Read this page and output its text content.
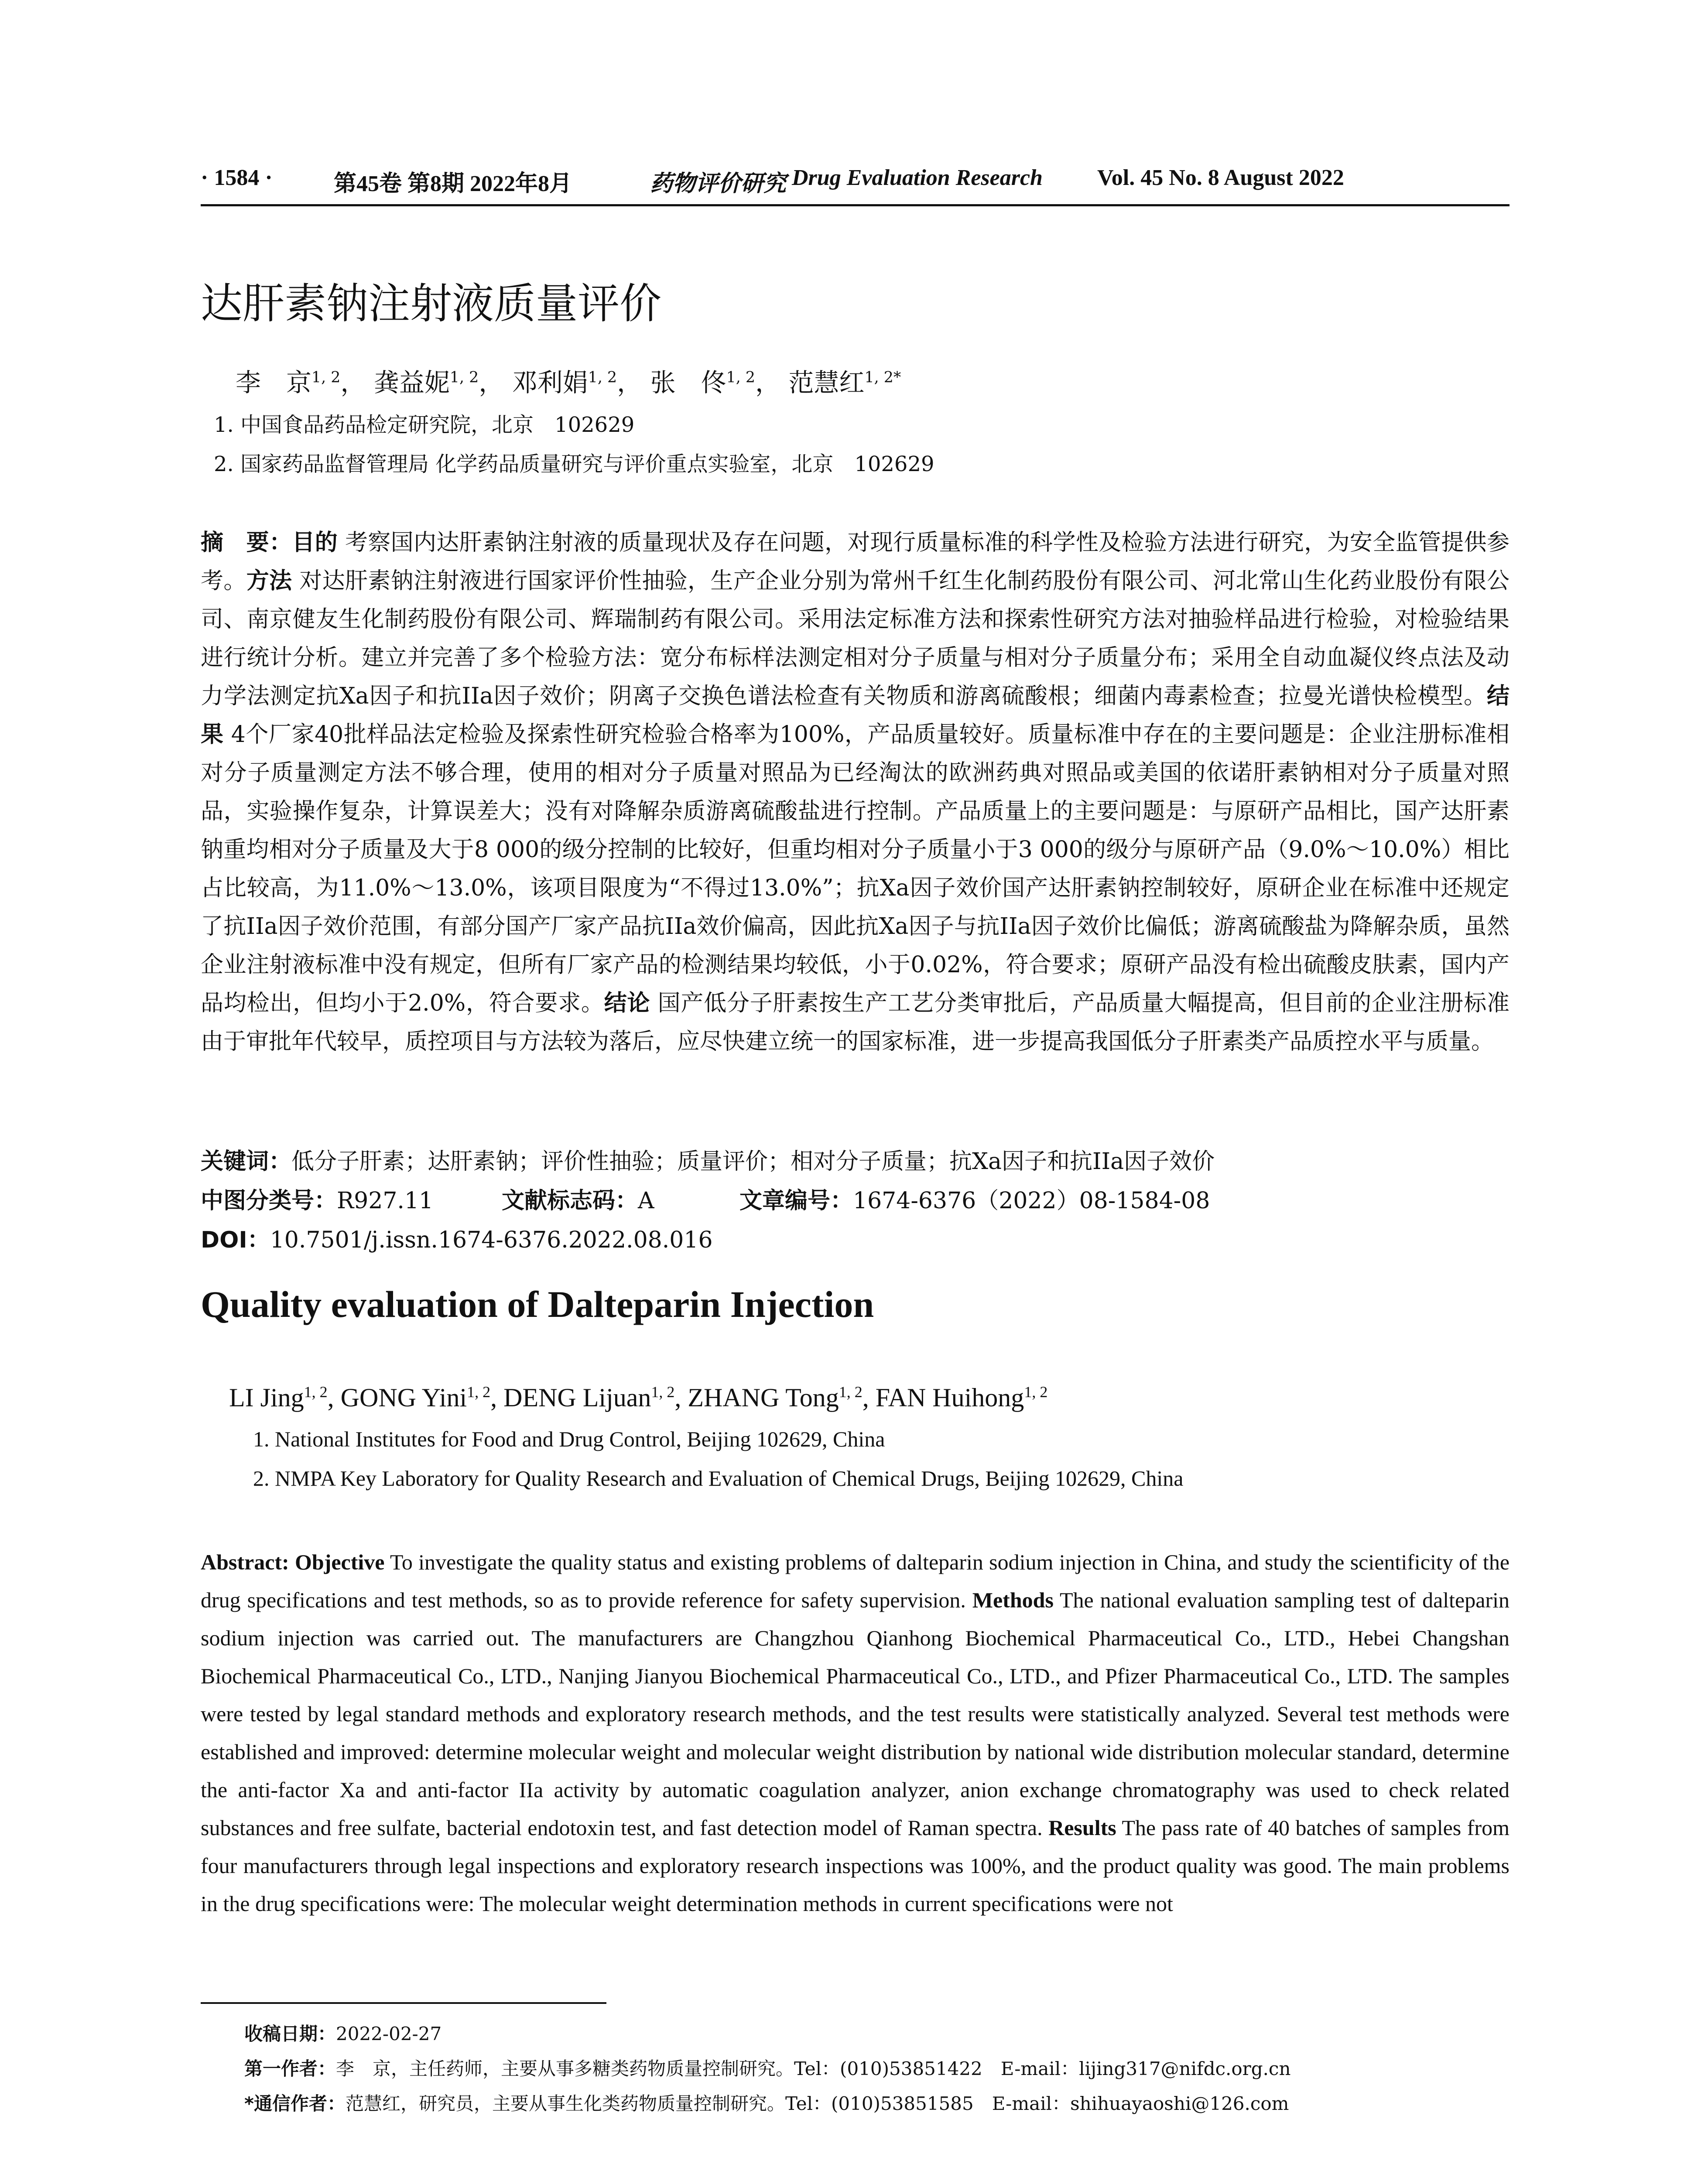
· 1584 ·	第45卷 第8期 2022年8月	药物评价研究 Drug Evaluation Research Vol. 45 No. 8 August 2022
达肝素钠注射液质量评价
李　京$^{1, 2}$， 龚益妮$^{1, 2}$， 邓利娟$^{1, 2}$， 张　佟$^{1, 2}$， 范慧红$^{1, 2*}$
1. 中国食品药品检定研究院，北京　102629
2. 国家药品监督管理局 化学药品质量研究与评价重点实验室，北京　102629
摘　要：目的 考察国内达肝素钠注射液的质量现状及存在问题，对现行质量标准的科学性及检验方法进行研究，为安全监管提供参考。方法 对达肝素钠注射液进行国家评价性抽验，生产企业分别为常州千红生化制药股份有限公司、河北常山生化药业股份有限公司、南京健友生化制药股份有限公司、辉瑞制药有限公司。采用法定标准方法和探索性研究方法对抽验样品进行检验，对检验结果进行统计分析。建立并完善了多个检验方法：宽分布标样法测定相对分子质量与相对分子质量分布；采用全自动血凝仪终点法及动力学法测定抗Xa因子和抗IIa因子效价；阴离子交换色谱法检查有关物质和游离硫酸根；细菌内毒素检查；拉曼光谱快检模型。结果 4个厂家40批样品法定检验及探索性研究检验合格率为100%，产品质量较好。质量标准中存在的主要问题是：企业注册标准相对分子质量测定方法不够合理，使用的相对分子质量对照品为已经淘汰的欧洲药典对照品或美国的依诺肝素钠相对分子质量对照品，实验操作复杂，计算误差大；没有对降解杂质游离硫酸盐进行控制。产品质量上的主要问题是：与原研产品相比，国产达肝素钠重均相对分子质量及大于8 000的级分控制的比较好，但重均相对分子质量小于3 000的级分与原研产品（9.0%～10.0%）相比占比较高，为11.0%～13.0%，该项目限度为“不得过13.0%”；抗Xa因子效价国产达肝素钠控制较好，原研企业在标准中还规定了抗IIa因子效价范围，有部分国产厂家产品抗IIa效价偏高，因此抗Xa因子与抗IIa因子效价比偏低；游离硫酸盐为降解杂质，虽然企业注射液标准中没有规定，但所有厂家产品的检测结果均较低，小于0.02%，符合要求；原研产品没有检出硫酸皮肤素，国内产品均检出，但均小于2.0%，符合要求。结论 国产低分子肝素按生产工艺分类审批后，产品质量大幅提高，但目前的企业注册标准由于审批年代较早，质控项目与方法较为落后，应尽快建立统一的国家标准，进一步提高我国低分子肝素类产品质控水平与质量。
关键词：低分子肝素；达肝素钠；评价性抽验；质量评价；相对分子质量；抗Xa因子和抗IIa因子效价
中图分类号：R927.11	文献标志码：A	文章编号：1674-6376（2022）08-1584-08
DOI：10.7501/j.issn.1674-6376.2022.08.016
Quality evaluation of Dalteparin Injection
LI Jing$^{1, 2}$, GONG Yini$^{1, 2}$, DENG Lijuan$^{1, 2}$, ZHANG Tong$^{1, 2}$, FAN Huihong$^{1, 2}$
1. National Institutes for Food and Drug Control, Beijing 102629, China
2. NMPA Key Laboratory for Quality Research and Evaluation of Chemical Drugs, Beijing 102629, China
Abstract: Objective To investigate the quality status and existing problems of dalteparin sodium injection in China, and study the scientificity of the drug specifications and test methods, so as to provide reference for safety supervision. Methods The national evaluation sampling test of dalteparin sodium injection was carried out. The manufacturers are Changzhou Qianhong Biochemical Pharmaceutical Co., LTD., Hebei Changshan Biochemical Pharmaceutical Co., LTD., Nanjing Jianyou Biochemical Pharmaceutical Co., LTD., and Pfizer Pharmaceutical Co., LTD. The samples were tested by legal standard methods and exploratory research methods, and the test results were statistically analyzed. Several test methods were established and improved: determine molecular weight and molecular weight distribution by national wide distribution molecular standard, determine the anti-factor Xa and anti-factor IIa activity by automatic coagulation analyzer, anion exchange chromatography was used to check related substances and free sulfate, bacterial endotoxin test, and fast detection model of Raman spectra. Results The pass rate of 40 batches of samples from four manufacturers through legal inspections and exploratory research inspections was 100%, and the product quality was good. The main problems in the drug specifications were: The molecular weight determination methods in current specifications were not
收稿日期：2022-02-27
第一作者：李　京，主任药师，主要从事多糖类药物质量控制研究。Tel：(010)53851422　E-mail：lijing317@nifdc.org.cn
*通信作者：范慧红，研究员，主要从事生化类药物质量控制研究。Tel：(010)53851585　E-mail：shihuayaoshi@126.com
